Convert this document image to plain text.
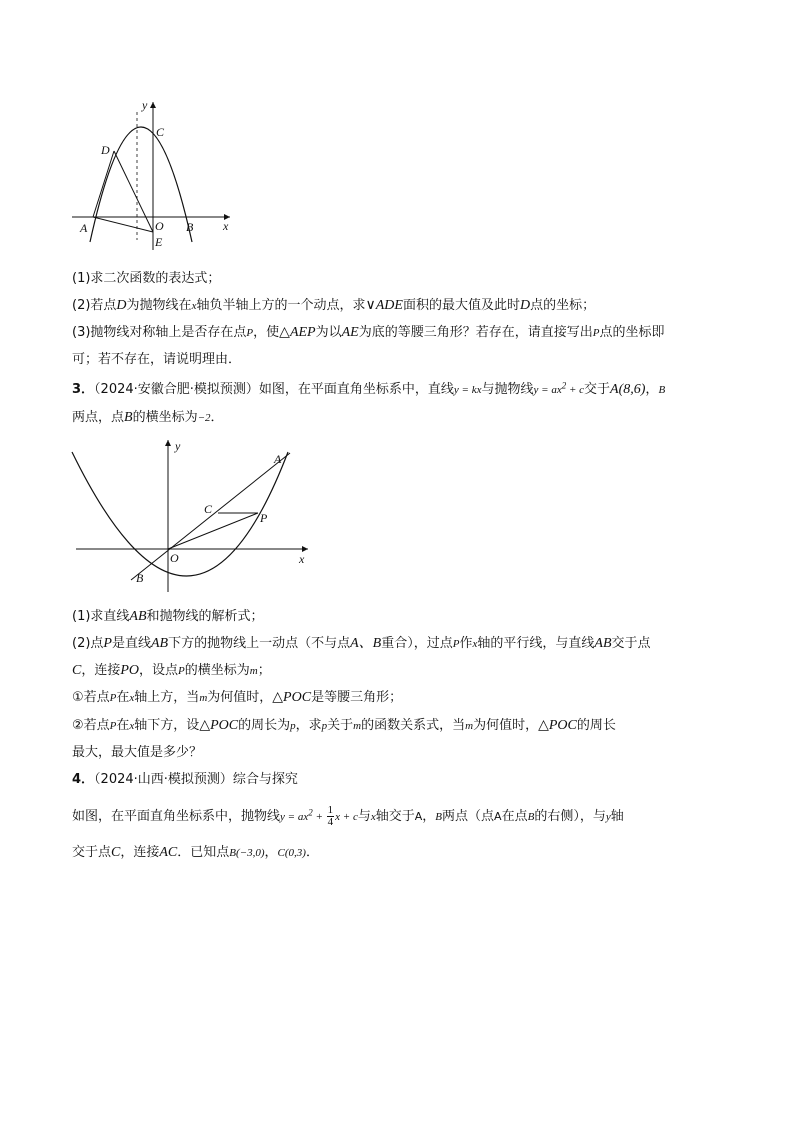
y
C
D
A	O B
E
x
(1)求二次函数的表达式；
(2)若点D为抛物线在x轴负半轴上方的一个动点，求∨ADE面积的最大值及此时D点的坐标；
(3)抛物线对称轴上是否存在点P，使△AEP为以AE为底的等腰三角形？若存在，请直接写出P点的坐标即
可；若不存在，请说明理由．
3．（2024·安徽合肥·模拟预测）如图，在平面直角坐标系中，直线y = kx与抛物线$y = ax^2 + c$交于A(8,6)，B
两点，点B的横坐标为−2．
y
A
C
P
O	x
B
(1)求直线AB和抛物线的解析式；
(2)点P是直线AB下方的抛物线上一动点（不与点A、B重合），过点P作x轴的平行线，与直线AB交于点
C，连接PO，设点P的横坐标为m；
①若点P在x轴上方，当m为何值时，△POC是等腰三角形；
②若点P在x轴下方，设△POC的周长为p，求p关于m的函数关系式，当m为何值时，△POC的周长
最大，最大值是多少？
4．（2024·山西·模拟预测）综合与探究
如图，在平面直角坐标系中，抛物线$y = ax^2 + \frac{1}{4}$ x + c与x轴交于A，B两点（点A在点B的右侧），与y轴
交于点C，连接AC．已知点B(−3,0)，C(0,3)．
